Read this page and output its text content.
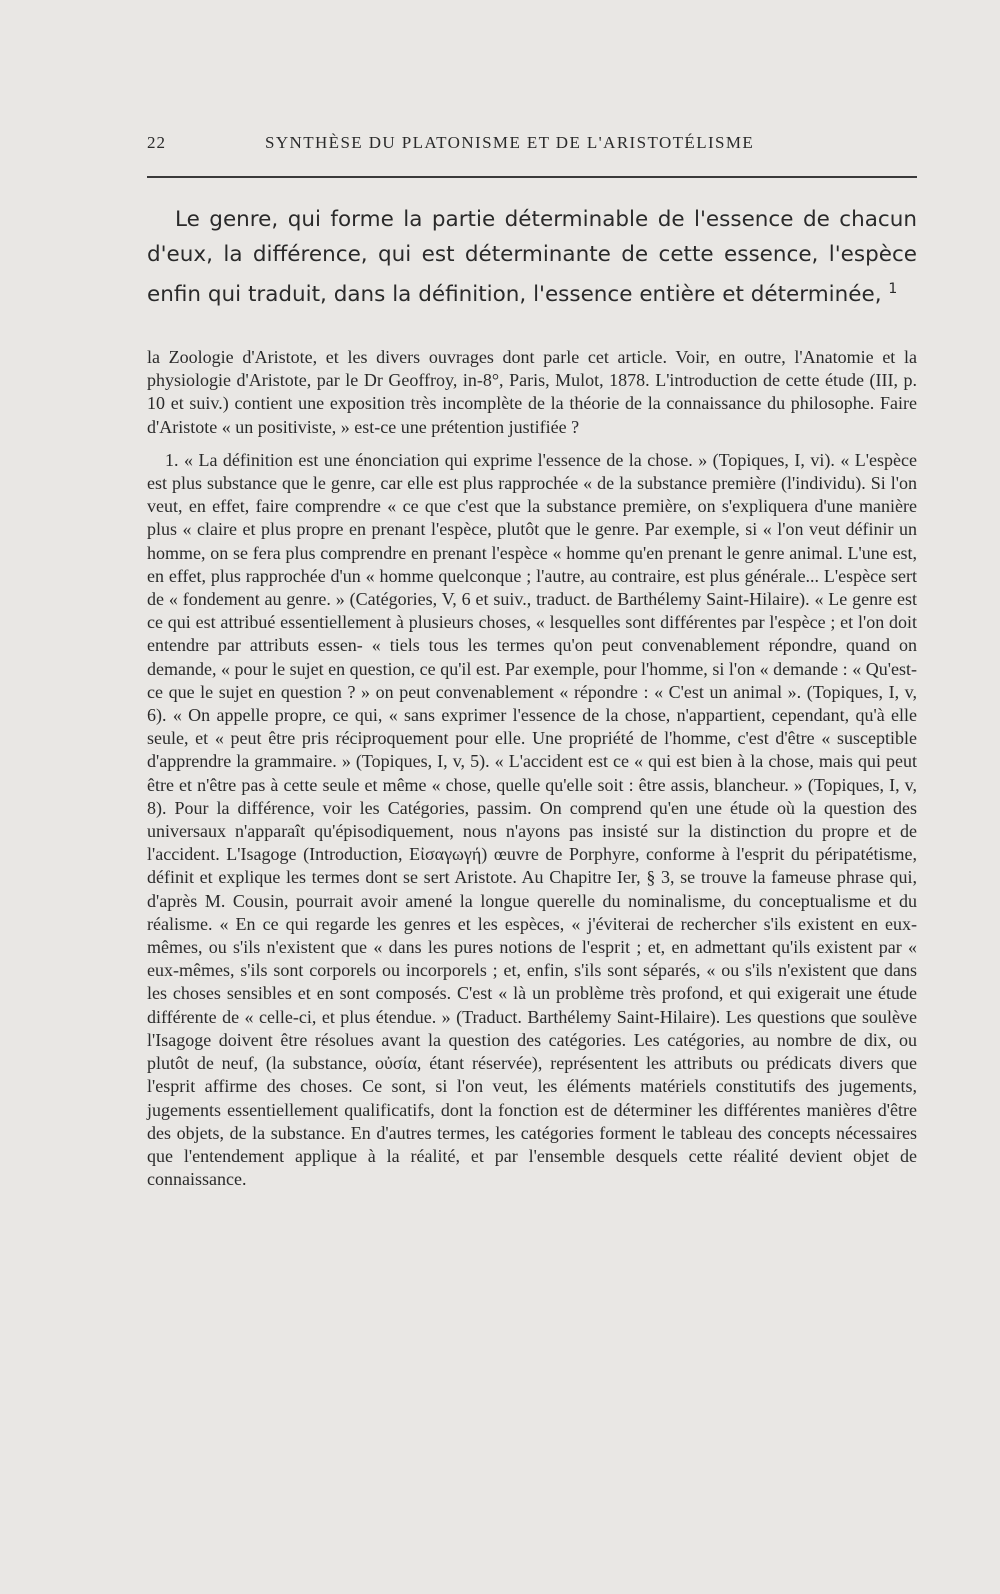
22	SYNTHÈSE DU PLATONISME ET DE L'ARISTOTÉLISME

Le genre, qui forme la partie déterminable de l'essence de chacun d'eux, la différence, qui est déterminante de cette essence, l'espèce enfin qui traduit, dans la définition, l'essence entière et déterminée, $^1$

la Zoologie d'Aristote, et les divers ouvrages dont parle cet article. Voir, en outre, l'Anatomie et la physiologie d'Aristote, par le Dr Geoffroy, in-8°, Paris, Mulot, 1878. L'introduction de cette étude (III, p. 10 et suiv.) contient une exposition très incomplète de la théorie de la connaissance du philosophe. Faire d'Aristote « un positiviste, » est-ce une prétention justifiée ?

1. « La définition est une énonciation qui exprime l'essence de la chose. » (Topiques, I, vi). « L'espèce est plus substance que le genre, car elle est plus rapprochée « de la substance première (l'individu). Si l'on veut, en effet, faire comprendre « ce que c'est que la substance première, on s'expliquera d'une manière plus « claire et plus propre en prenant l'espèce, plutôt que le genre. Par exemple, si « l'on veut définir un homme, on se fera plus comprendre en prenant l'espèce « homme qu'en prenant le genre animal. L'une est, en effet, plus rapprochée d'un « homme quelconque ; l'autre, au contraire, est plus générale... L'espèce sert de « fondement au genre. » (Catégories, V, 6 et suiv., traduct. de Barthélemy Saint-Hilaire). « Le genre est ce qui est attribué essentiellement à plusieurs choses, « lesquelles sont différentes par l'espèce ; et l'on doit entendre par attributs essen- « tiels tous les termes qu'on peut convenablement répondre, quand on demande, « pour le sujet en question, ce qu'il est. Par exemple, pour l'homme, si l'on « demande : « Qu'est-ce que le sujet en question ? » on peut convenablement « répondre : « C'est un animal ». (Topiques, I, v, 6). « On appelle propre, ce qui, « sans exprimer l'essence de la chose, n'appartient, cependant, qu'à elle seule, et « peut être pris réciproquement pour elle. Une propriété de l'homme, c'est d'être « susceptible d'apprendre la grammaire. » (Topiques, I, v, 5). « L'accident est ce « qui est bien à la chose, mais qui peut être et n'être pas à cette seule et même « chose, quelle qu'elle soit : être assis, blancheur. » (Topiques, I, v, 8). Pour la différence, voir les Catégories, passim. On comprend qu'en une étude où la question des universaux n'apparaît qu'épisodiquement, nous n'ayons pas insisté sur la distinction du propre et de l'accident. L'Isagoge (Introduction, Εἰσαγωγή) œuvre de Porphyre, conforme à l'esprit du péripatétisme, définit et explique les termes dont se sert Aristote. Au Chapitre Ier, § 3, se trouve la fameuse phrase qui, d'après M. Cousin, pourrait avoir amené la longue querelle du nominalisme, du conceptualisme et du réalisme. « En ce qui regarde les genres et les espèces, « j'éviterai de rechercher s'ils existent en eux-mêmes, ou s'ils n'existent que « dans les pures notions de l'esprit ; et, en admettant qu'ils existent par « eux-mêmes, s'ils sont corporels ou incorporels ; et, enfin, s'ils sont séparés, « ou s'ils n'existent que dans les choses sensibles et en sont composés. C'est « là un problème très profond, et qui exigerait une étude différente de « celle-ci, et plus étendue. » (Traduct. Barthélemy Saint-Hilaire). Les questions que soulève l'Isagoge doivent être résolues avant la question des catégories. Les catégories, au nombre de dix, ou plutôt de neuf, (la substance, οὐσία, étant réservée), représentent les attributs ou prédicats divers que l'esprit affirme des choses. Ce sont, si l'on veut, les éléments matériels constitutifs des jugements, jugements essentiellement qualificatifs, dont la fonction est de déterminer les différentes manières d'être des objets, de la substance. En d'autres termes, les catégories forment le tableau des concepts nécessaires que l'entendement applique à la réalité, et par l'ensemble desquels cette réalité devient objet de connaissance.
